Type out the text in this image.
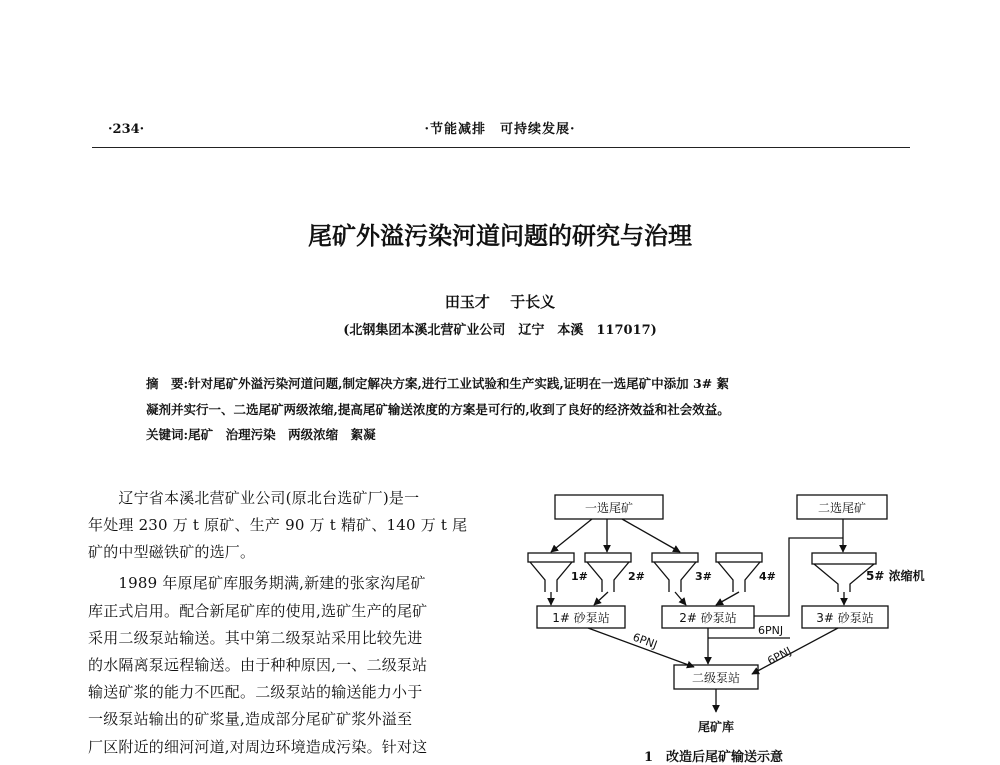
·234·	·节能减排　可持续发展·
尾矿外溢污染河道问题的研究与治理
田玉才　 于长义
(北钢集团本溪北营矿业公司　辽宁　本溪　117017)
摘　要:针对尾矿外溢污染河道问题,制定解决方案,进行工业试验和生产实践,证明在一选尾矿中添加 3# 絮
凝剂并实行一、二选尾矿两级浓缩,提高尾矿输送浓度的方案是可行的,收到了良好的经济效益和社会效益。
关键词:尾矿　治理污染　两级浓缩　絮凝
　　辽宁省本溪北营矿业公司(原北台选矿厂)是一
年处理 230 万 t 原矿、生产 90 万 t 精矿、140 万 t 尾
矿的中型磁铁矿的选厂。
　　1989 年原尾矿库服务期满,新建的张家沟尾矿
库正式启用。配合新尾矿库的使用,选矿生产的尾矿
采用二级泵站输送。其中第二级泵站采用比较先进
的水隔离泵远程输送。由于种种原因,一、二级泵站
输送矿浆的能力不匹配。二级泵站的输送能力小于
一级泵站输出的矿浆量,造成部分尾矿矿浆外溢至
厂区附近的细河河道,对周边环境造成污染。针对这
一选尾矿	二选尾矿
1#	2#	3#	4#	5# 浓缩机
1# 砂泵站	2# 砂泵站	3# 砂泵站
6PNJ
6PNJ
6PNJ
二级泵站
尾矿库
1　改造后尾矿输送示意
